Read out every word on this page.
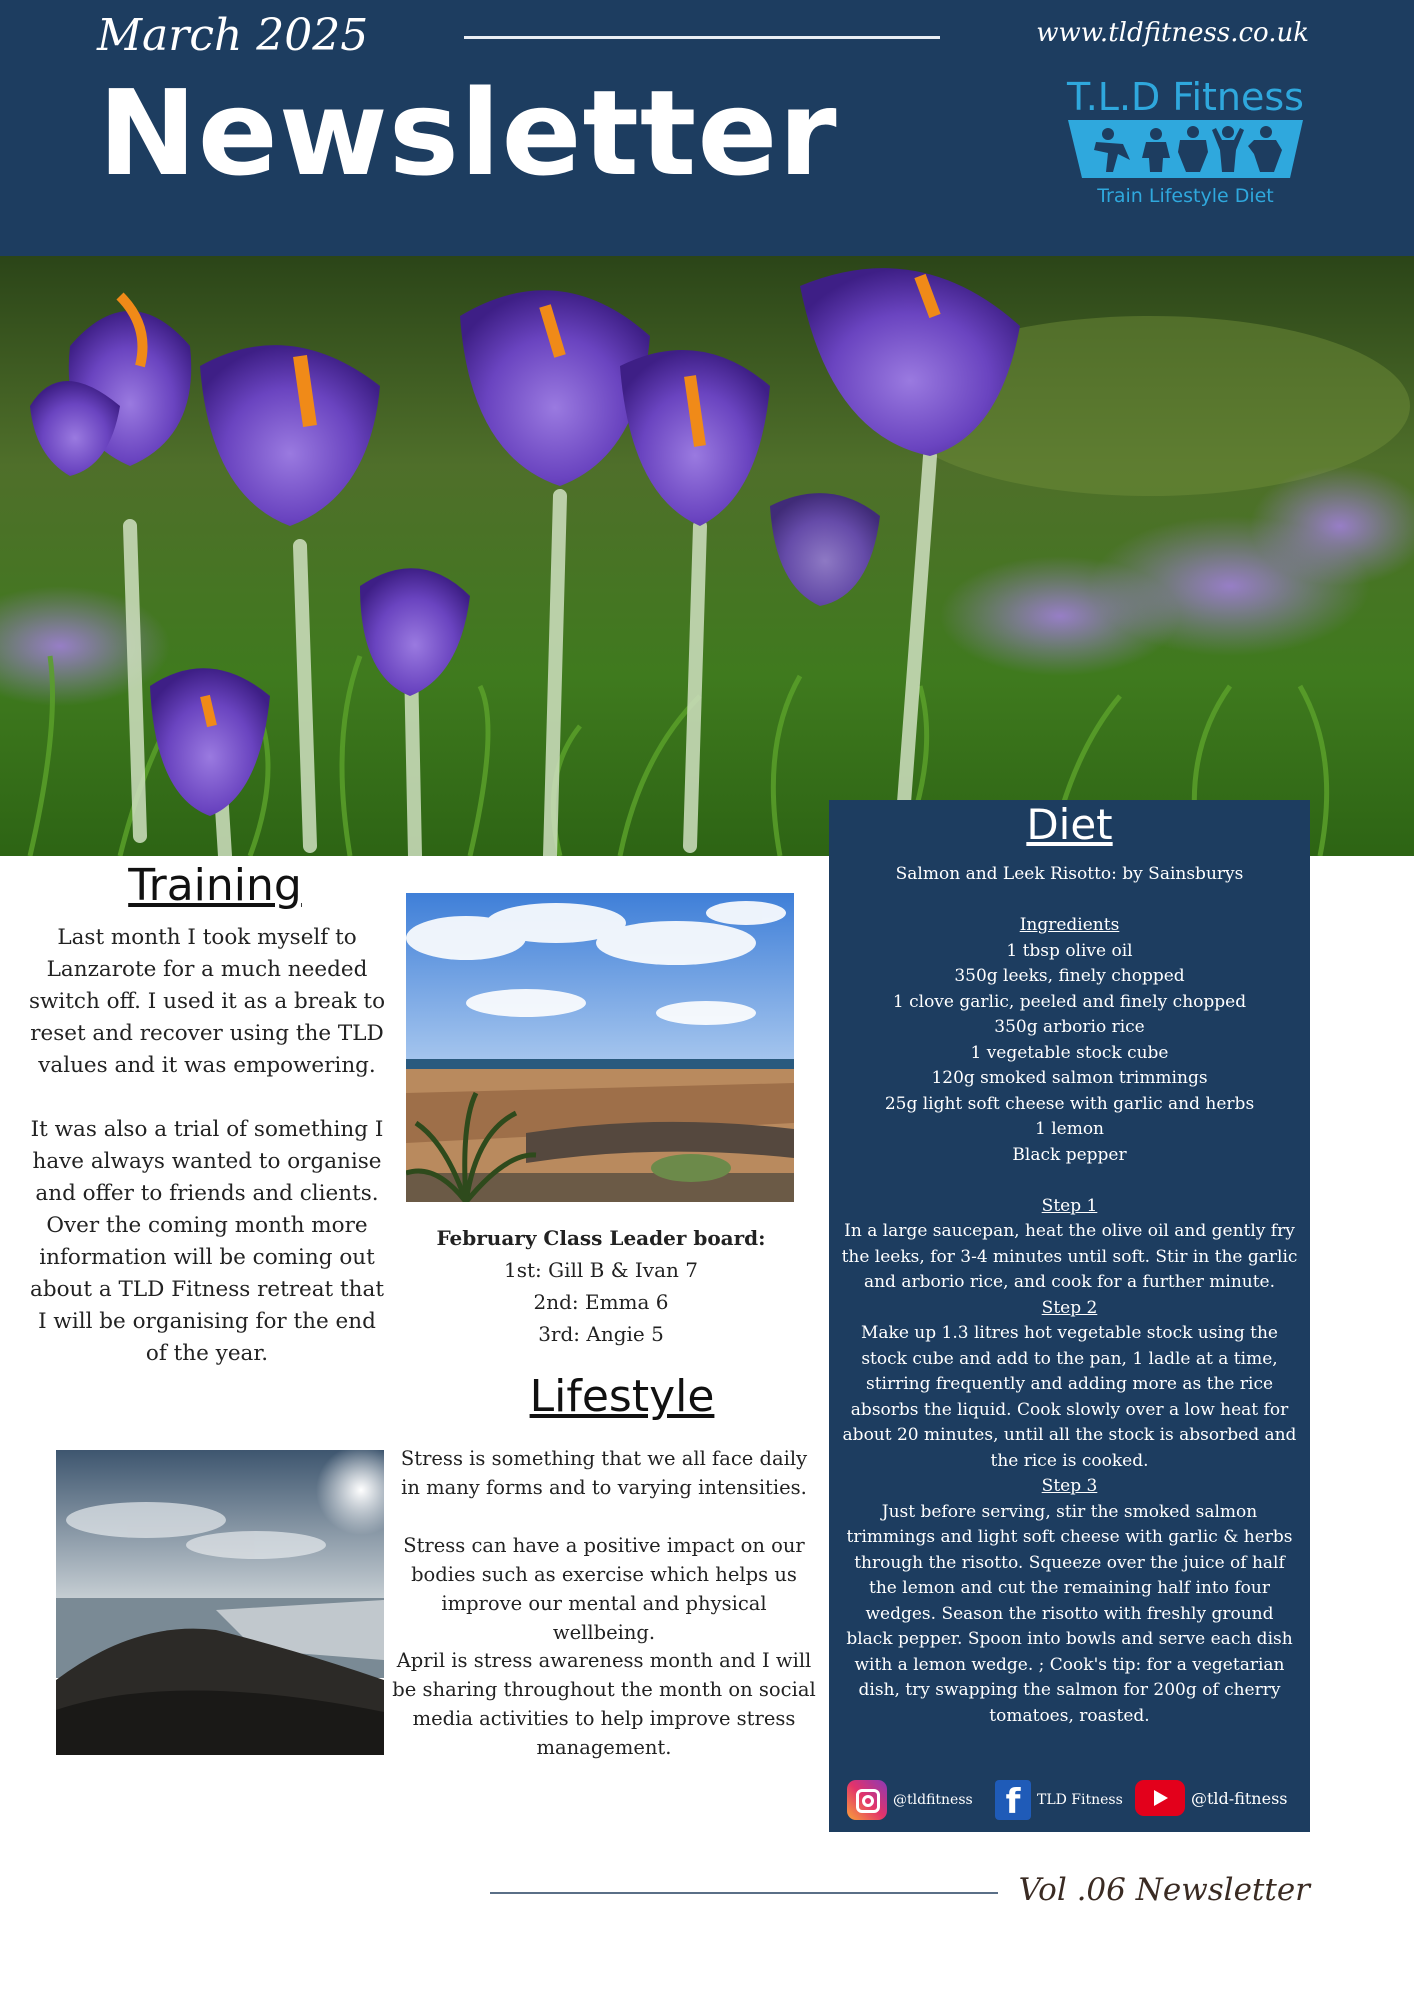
March 2025	www.tldfitness.co.uk
Newsletter	T.L.D Fitness
Train Lifestyle Diet
Training
Last month I took myself to Lanzarote for a much needed switch off. I used it as a break to reset and recover using the TLD values and it was empowering.
It was also a trial of something I have always wanted to organise and offer to friends and clients. Over the coming month more information will be coming out about a TLD Fitness retreat that I will be organising for the end of the year.
February Class Leader board:
1st: Gill B & Ivan 7
2nd: Emma 6
3rd: Angie 5
Lifestyle
Stress is something that we all face daily in many forms and to varying intensities.
Stress can have a positive impact on our bodies such as exercise which helps us improve our mental and physical wellbeing.
April is stress awareness month and I will be sharing throughout the month on social media activities to help improve stress management.
Diet

Salmon and Leek Risotto: by Sainsburys

Ingredients

1 tbsp olive oil

350g leeks, finely chopped

1 clove garlic, peeled and finely chopped

350g arborio rice

1 vegetable stock cube

120g smoked salmon trimmings

25g light soft cheese with garlic and herbs

1 lemon

Black pepper

Step 1

In a large saucepan, heat the olive oil and gently fry the leeks, for 3-4 minutes until soft. Stir in the garlic and arborio rice, and cook for a further minute.

Step 2

Make up 1.3 litres hot vegetable stock using the stock cube and add to the pan, 1 ladle at a time, stirring frequently and adding more as the rice absorbs the liquid. Cook slowly over a low heat for about 20 minutes, until all the stock is absorbed and the rice is cooked.

Step 3

Just before serving, stir the smoked salmon trimmings and light soft cheese with garlic & herbs through the risotto. Squeeze over the juice of half the lemon and cut the remaining half into four wedges. Season the risotto with freshly ground black pepper. Spoon into bowls and serve each dish with a lemon wedge. ; Cook's tip: for a vegetarian dish, try swapping the salmon for 200g of cherry tomatoes, roasted.

@tldfitness f	TLD Fitness	@tld-fitness
Vol .06 Newsletter
